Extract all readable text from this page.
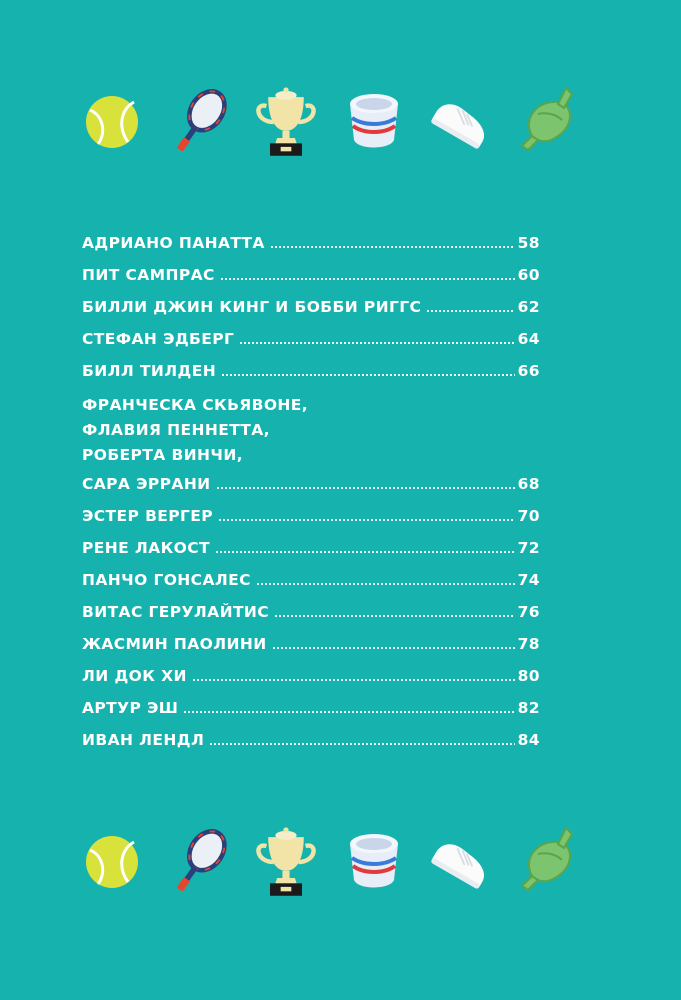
АДРИАНО ПАНАТТА	58
ПИТ САМПРАС	60
БИЛЛИ ДЖИН КИНГ И БОББИ РИГГС	62
СТЕФАН ЭДБЕРГ	64
БИЛЛ ТИЛДЕН	66
ФРАНЧЕСКА СКЬЯВОНЕ,
ФЛАВИЯ ПЕННЕТТА,
РОБЕРТА ВИНЧИ,
САРА ЭРРАНИ	68
ЭСТЕР ВЕРГЕР	70
РЕНЕ ЛАКОСТ	72
ПАНЧО ГОНСАЛЕС	74
ВИТАС ГЕРУЛАЙТИС	76
ЖАСМИН ПАОЛИНИ	78
ЛИ ДОК ХИ	80
АРТУР ЭШ	82
ИВАН ЛЕНДЛ	84
